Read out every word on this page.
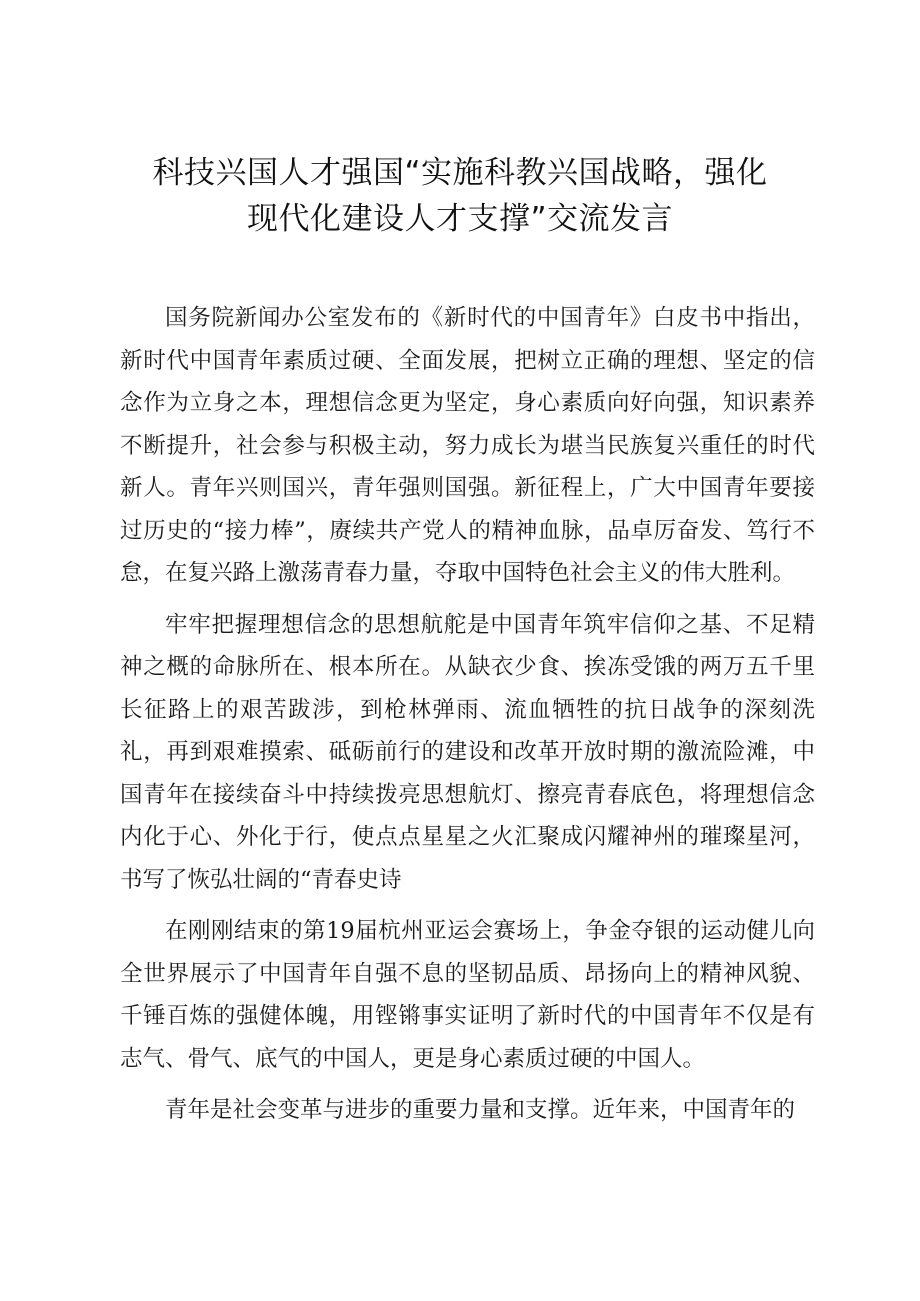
科技兴国人才强国“实施科教兴国战略，强化
现代化建设人才支撑”交流发言

国务院新闻办公室发布的《新时代的中国青年》白皮书中指出，新时代中国青年素质过硬、全面发展，把树立正确的理想、坚定的信念作为立身之本，理想信念更为坚定，身心素质向好向强，知识素养不断提升，社会参与积极主动，努力成长为堪当民族复兴重任的时代新人。青年兴则国兴，青年强则国强。新征程上，广大中国青年要接过历史的“接力棒”，赓续共产党人的精神血脉，品卓厉奋发、笃行不怠，在复兴路上激荡青春力量，夺取中国特色社会主义的伟大胜利。

牢牢把握理想信念的思想航舵是中国青年筑牢信仰之基、不足精神之概的命脉所在、根本所在。从缺衣少食、挨冻受饿的两万五千里长征路上的艰苦跋涉，到枪林弹雨、流血牺牲的抗日战争的深刻洗礼，再到艰难摸索、砥砺前行的建设和改革开放时期的激流险滩，中国青年在接续奋斗中持续拨亮思想航灯、擦亮青春底色，将理想信念内化于心、外化于行，使点点星星之火汇聚成闪耀神州的璀璨星河，书写了恢弘壮阔的“青春史诗

在刚刚结束的第19届杭州亚运会赛场上，争金夺银的运动健儿向全世界展示了中国青年自强不息的坚韧品质、昂扬向上的精神风貌、千锤百炼的强健体魄，用铿锵事实证明了新时代的中国青年不仅是有志气、骨气、底气的中国人，更是身心素质过硬的中国人。

青年是社会变革与进步的重要力量和支撑。近年来，中国青年的
